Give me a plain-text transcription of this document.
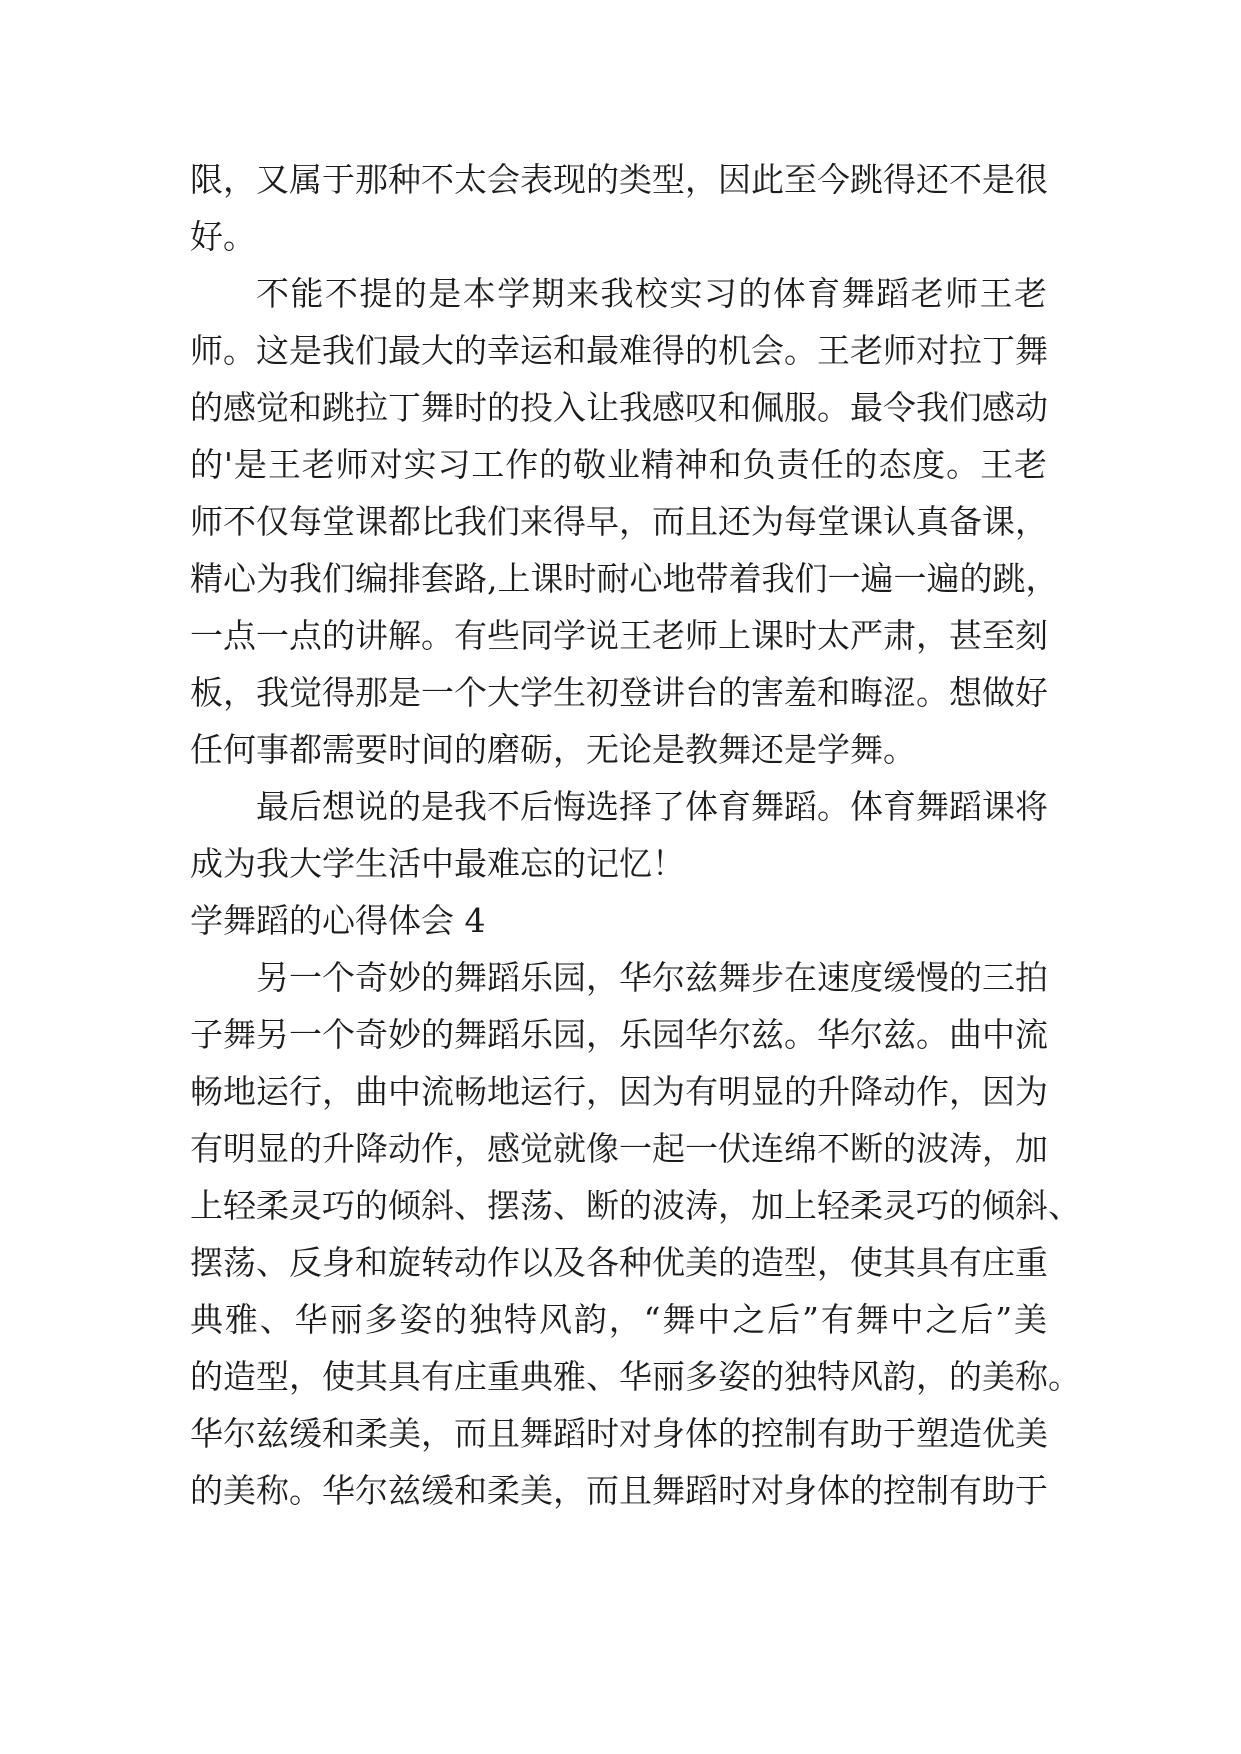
限，又属于那种不太会表现的类型，因此至今跳得还不是很
好。
不能不提的是本学期来我校实习的体育舞蹈老师王老
师。这是我们最大的幸运和最难得的机会。王老师对拉丁舞
的感觉和跳拉丁舞时的投入让我感叹和佩服。最令我们感动
的'是王老师对实习工作的敬业精神和负责任的态度。王老
师不仅每堂课都比我们来得早，而且还为每堂课认真备课，
精心为我们编排套路,上课时耐心地带着我们一遍一遍的跳，
一点一点的讲解。有些同学说王老师上课时太严肃，甚至刻
板，我觉得那是一个大学生初登讲台的害羞和晦涩。想做好
任何事都需要时间的磨砺，无论是教舞还是学舞。
最后想说的是我不后悔选择了体育舞蹈。体育舞蹈课将
成为我大学生活中最难忘的记忆！
学舞蹈的心得体会 4
另一个奇妙的舞蹈乐园，华尔兹舞步在速度缓慢的三拍
子舞另一个奇妙的舞蹈乐园，乐园华尔兹。华尔兹。曲中流
畅地运行，曲中流畅地运行，因为有明显的升降动作，因为
有明显的升降动作，感觉就像一起一伏连绵不断的波涛，加
上轻柔灵巧的倾斜、摆荡、断的波涛，加上轻柔灵巧的倾斜、
摆荡、反身和旋转动作以及各种优美的造型，使其具有庄重
典雅、华丽多姿的独特风韵，“舞中之后”有舞中之后”美
的造型，使其具有庄重典雅、华丽多姿的独特风韵，的美称。
华尔兹缓和柔美，而且舞蹈时对身体的控制有助于塑造优美
的美称。华尔兹缓和柔美，而且舞蹈时对身体的控制有助于
